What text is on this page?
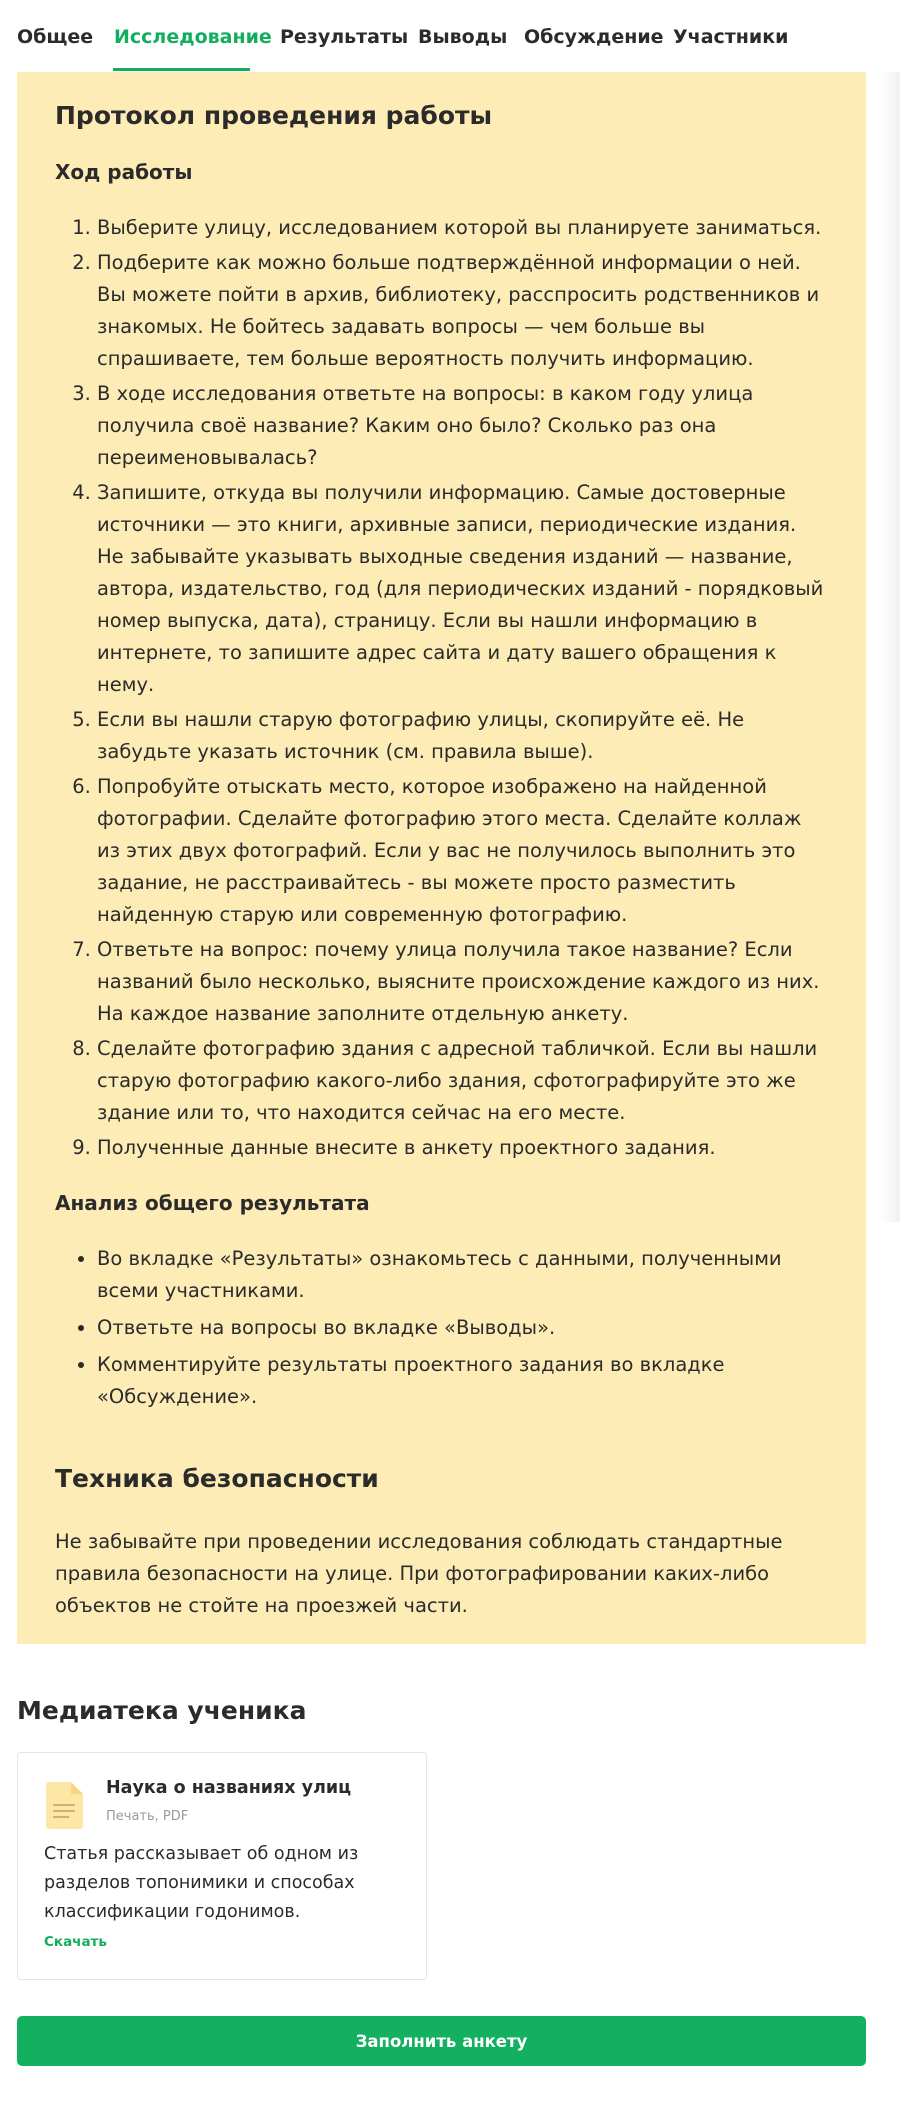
Общее Исследование Результаты Выводы Обсуждение Участники
Протокол проведения работы
Ход работы
1. Выберите улицу, исследованием которой вы планируете заниматься.
2. Подберите как можно больше подтверждённой информации о ней. Вы можете пойти в архив, библиотеку, расспросить родственников и знакомых. Не бойтесь задавать вопросы — чем больше вы спрашиваете, тем больше вероятность получить информацию.
3. В ходе исследования ответьте на вопросы: в каком году улица получила своё название? Каким оно было? Сколько раз она переименовывалась?
4. Запишите, откуда вы получили информацию. Самые достоверные источники — это книги, архивные записи, периодические издания. Не забывайте указывать выходные сведения изданий — название, автора, издательство, год (для периодических изданий - порядковый номер выпуска, дата), страницу. Если вы нашли информацию в интернете, то запишите адрес сайта и дату вашего обращения к нему.
5. Если вы нашли старую фотографию улицы, скопируйте её. Не забудьте указать источник (см. правила выше).
6. Попробуйте отыскать место, которое изображено на найденной фотографии. Сделайте фотографию этого места. Сделайте коллаж из этих двух фотографий. Если у вас не получилось выполнить это задание, не расстраивайтесь - вы можете просто разместить найденную старую или современную фотографию.
7. Ответьте на вопрос: почему улица получила такое название? Если названий было несколько, выясните происхождение каждого из них. На каждое название заполните отдельную анкету.
8. Сделайте фотографию здания с адресной табличкой. Если вы нашли старую фотографию какого-либо здания, сфотографируйте это же здание или то, что находится сейчас на его месте.
9. Полученные данные внесите в анкету проектного задания.
Анализ общего результата
• Во вкладке «Результаты» ознакомьтесь с данными, полученными всеми участниками.
• Ответьте на вопросы во вкладке «Выводы».
• Комментируйте результаты проектного задания во вкладке «Обсуждение».
Техника безопасности

Не забывайте при проведении исследования соблюдать стандартные правила безопасности на улице. При фотографировании каких-либо объектов не стойте на проезжей части.

Медиатека ученика
Наука о названиях улиц
Печать, PDF
Статья рассказывает об одном из разделов топонимики и способах классификации годонимов.
Скачать
Заполнить анкету
